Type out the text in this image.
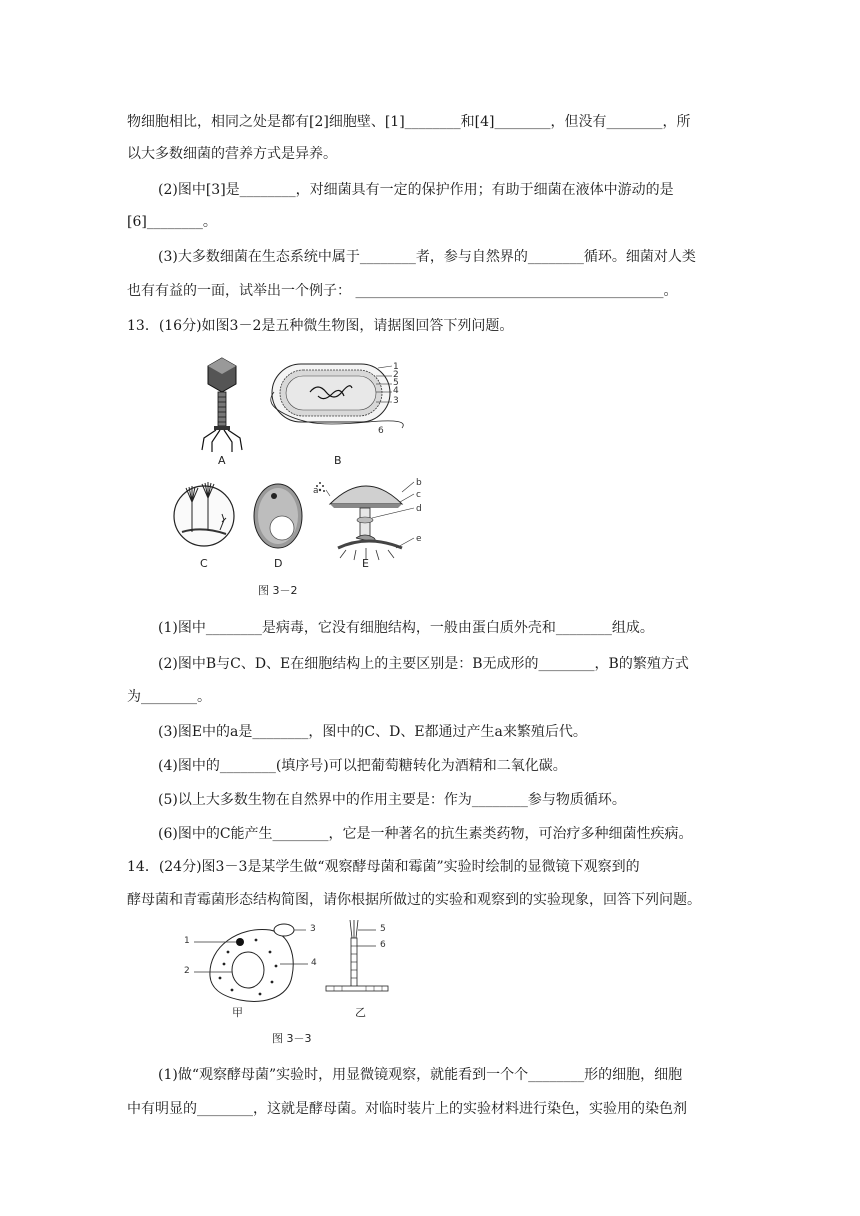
物细胞相比，相同之处是都有[2]细胞壁、[1]________和[4]________，但没有________，所
以大多数细菌的营养方式是异养。
(2)图中[3]是________，对细菌具有一定的保护作用；有助于细菌在液体中游动的是
[6]________。
(3)大多数细菌在生态系统中属于________者，参与自然界的________循环。细菌对人类
也有有益的一面，试举出一个例子： ____________________________________________。
13．(16分)如图3－2是五种微生物图，请据图回答下列问题。
A	B
C	D	E
图 3－2
1
2
5
4
3
6
b
a	c
d
e
(1)图中________是病毒，它没有细胞结构，一般由蛋白质外壳和________组成。
(2)图中B与C、D、E在细胞结构上的主要区别是：B无成形的________，B的繁殖方式
为________。
(3)图E中的a是________，图中的C、D、E都通过产生a来繁殖后代。
(4)图中的________(填序号)可以把葡萄糖转化为酒精和二氧化碳。
(5)以上大多数生物在自然界中的作用主要是：作为________参与物质循环。
(6)图中的C能产生________，它是一种著名的抗生素类药物，可治疗多种细菌性疾病。
14．(24分)图3－3是某学生做“观察酵母菌和霉菌”实验时绘制的显微镜下观察到的
酵母菌和青霉菌形态结构简图，请你根据所做过的实验和观察到的实验现象，回答下列问题。
1
2
3
4
5
6
甲	乙
图 3－3
(1)做“观察酵母菌”实验时，用显微镜观察，就能看到一个个________形的细胞，细胞
中有明显的________，这就是酵母菌。对临时装片上的实验材料进行染色，实验用的染色剂
